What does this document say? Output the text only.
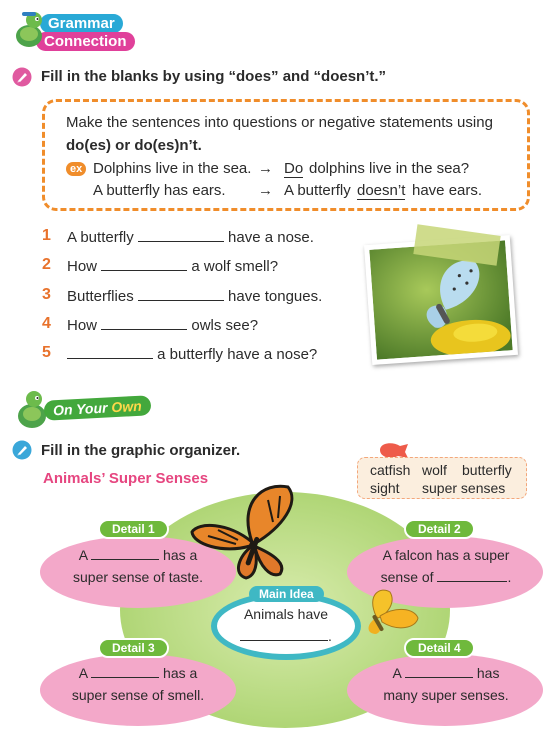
Grammar
Connection
Fill in the blanks by using “does” and “doesn’t.”
Make the sentences into questions or negative statements using
do(es) or do(es)n’t.
ex Dolphins live in the sea. → Do dolphins live in the sea?
A butterfly has ears. → A butterfly doesn’t have ears.
1 A butterfly	have a nose.
2 How	a wolf smell?
3 Butterflies	have tongues.
4 How	owls see?
5	a butterfly have a nose?
On Your Own
Fill in the graphic organizer.
Animals’ Super Senses	catfish wolf butterfly
sight super senses
Detail 1	Detail 2
Detail 3	Detail 4
A	has a
super sense of taste.
A falcon has a super
sense of	.
A	has a
super sense of smell.
A	has
many super senses.
Main Idea
Animals have
.
